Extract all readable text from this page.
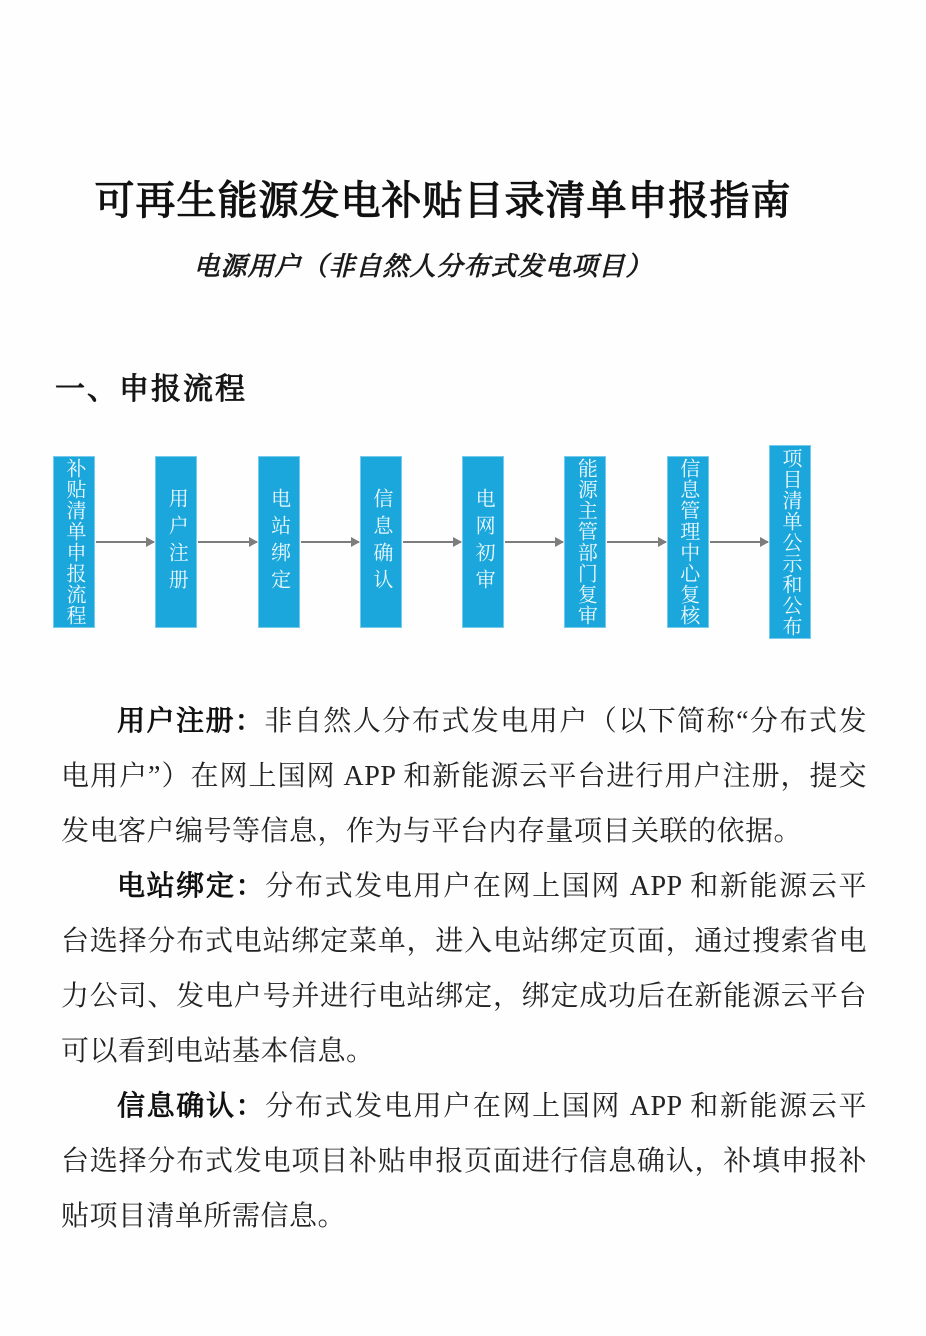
可再生能源发电补贴目录清单申报指南
电源用户（非自然人分布式发电项目）
一、申报流程
补贴清单申报流程	用户注册	电站绑定	信息确认	电网初审	能源主管部门复审	信息管理中心复核	项目清单公示和公布

用户注册：非自然人分布式发电用户（以下简称“分布式发电用户”）在网上国网 APP 和新能源云平台进行用户注册，提交发电客户编号等信息，作为与平台内存量项目关联的依据。

电站绑定：分布式发电用户在网上国网 APP 和新能源云平台选择分布式电站绑定菜单，进入电站绑定页面，通过搜索省电力公司、发电户号并进行电站绑定，绑定成功后在新能源云平台可以看到电站基本信息。

信息确认：分布式发电用户在网上国网 APP 和新能源云平台选择分布式发电项目补贴申报页面进行信息确认，补填申报补贴项目清单所需信息。
